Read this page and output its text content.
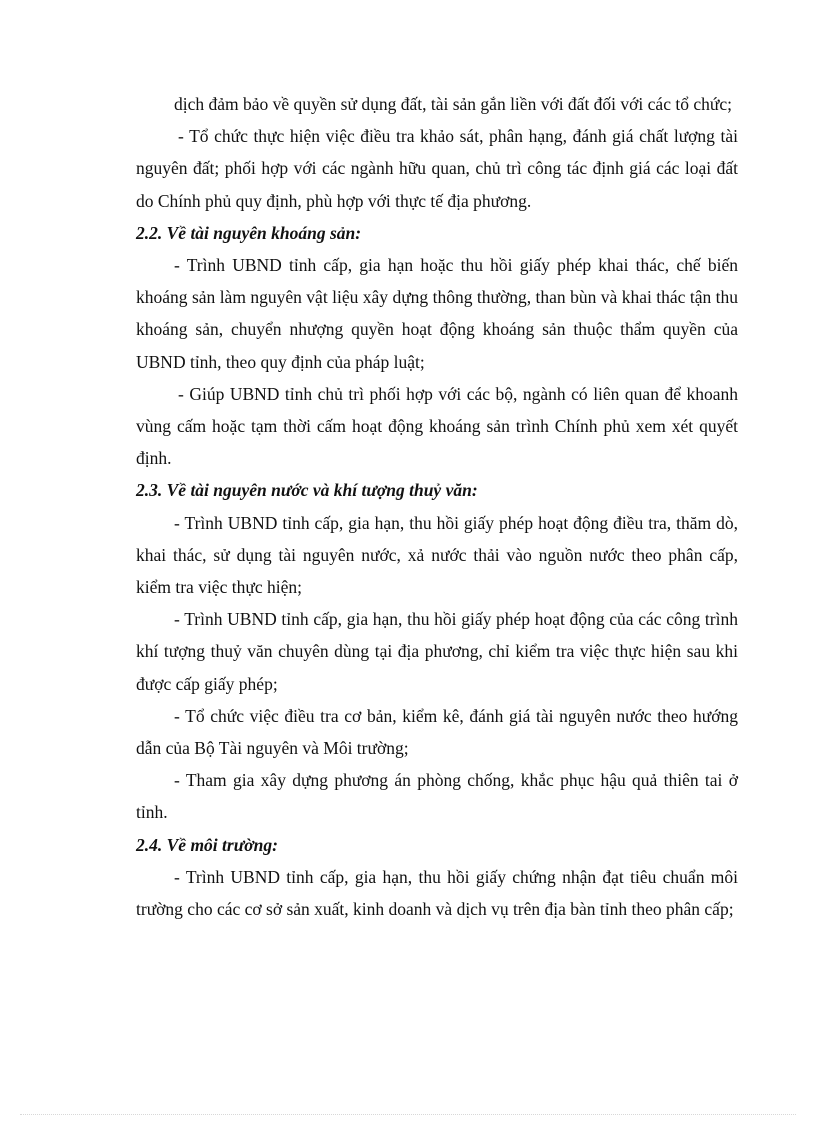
dịch đảm bảo về quyền sử dụng đất, tài sản gắn liền với đất đối với các tổ chức;

- Tổ chức thực hiện việc điều tra khảo sát, phân hạng, đánh giá chất lượng tài nguyên đất; phối hợp với các ngành hữu quan, chủ trì công tác định giá các loại đất do Chính phủ quy định, phù hợp với thực tế địa phương.

2.2. Về tài nguyên khoáng sản:

- Trình UBND tỉnh cấp, gia hạn hoặc thu hồi giấy phép khai thác, chế biến khoáng sản làm nguyên vật liệu xây dựng thông thường, than bùn và khai thác tận thu khoáng sản, chuyển nhượng quyền hoạt động khoáng sản thuộc thẩm quyền của UBND tỉnh, theo quy định của pháp luật;

- Giúp UBND tỉnh chủ trì phối hợp với các bộ, ngành có liên quan để khoanh vùng cấm hoặc tạm thời cấm hoạt động khoáng sản trình Chính phủ xem xét quyết định.

2.3. Về tài nguyên nước và khí tượng thuỷ văn:

- Trình UBND tỉnh cấp, gia hạn, thu hồi giấy phép hoạt động điều tra, thăm dò, khai thác, sử dụng tài nguyên nước, xả nước thải vào nguồn nước theo phân cấp, kiểm tra việc thực hiện;

- Trình UBND tỉnh cấp, gia hạn, thu hồi giấy phép hoạt động của các công trình khí tượng thuỷ văn chuyên dùng tại địa phương, chỉ kiểm tra việc thực hiện sau khi được cấp giấy phép;

- Tổ chức việc điều tra cơ bản, kiểm kê, đánh giá tài nguyên nước theo hướng dẫn của Bộ Tài nguyên và Môi trường;

- Tham gia xây dựng phương án phòng chống, khắc phục hậu quả thiên tai ở tỉnh.

2.4. Về môi trường:

- Trình UBND tỉnh cấp, gia hạn, thu hồi giấy chứng nhận đạt tiêu chuẩn môi trường cho các cơ sở sản xuất, kinh doanh và dịch vụ trên địa bàn tỉnh theo phân cấp;
